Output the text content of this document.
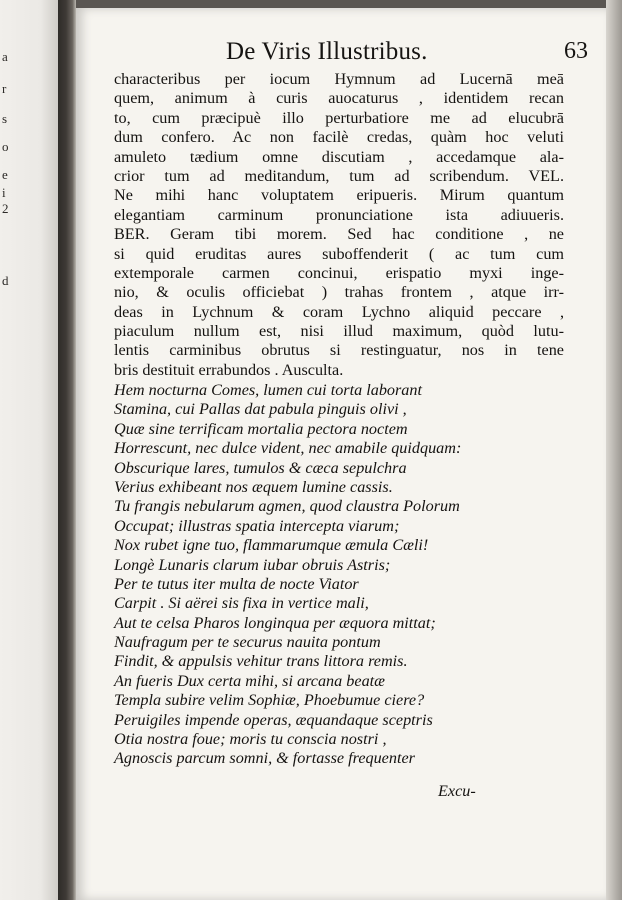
a
r
s
o
e
i
2
d
De Viris Illustribus.	63
characteribus per iocum Hymnum ad Lucernā meā
quem, animum à curis auocaturus , identidem recan
to, cum præcipuè illo perturbatiore me ad elucubrā
dum confero. Ac non facilè credas, quàm hoc veluti
amuleto tædium omne discutiam , accedamque ala-
crior tum ad meditandum, tum ad scribendum. VEL.
Ne mihi hanc voluptatem eripueris. Mirum quantum
elegantiam carminum pronunciatione ista adiuueris.
BER. Geram tibi morem. Sed hac conditione , ne
si quid eruditas aures suboffenderit ( ac tum cum
extemporale carmen concinui, erispatio myxi inge-
nio, & oculis officiebat ) trahas frontem , atque irr-
deas in Lychnum & coram Lychno aliquid peccare ,
piaculum nullum est, nisi illud maximum, quòd lutu-
lentis carminibus obrutus si restinguatur, nos in tene
bris destituit errabundos . Ausculta.
Hem nocturna Comes, lumen cui torta laborant
Stamina, cui Pallas dat pabula pinguis olivi ,
Quæ sine terrificam mortalia pectora noctem
Horrescunt, nec dulce vident, nec amabile quidquam:
Obscurique lares, tumulos & cæca sepulchra
Verius exhibeant nos æquem lumine cassis.
Tu frangis nebularum agmen, quod claustra Polorum
Occupat; illustras spatia intercepta viarum;
Nox rubet igne tuo, flammarumque æmula Cæli!
Longè Lunaris clarum iubar obruis Astris;
Per te tutus iter multa de nocte Viator
Carpit . Si aërei sis fixa in vertice mali,
Aut te celsa Pharos longinqua per æquora mittat;
Naufragum per te securus nauita pontum
Findit, & appulsis vehitur trans littora remis.
An fueris Dux certa mihi, si arcana beatæ
Templa subire velim Sophiæ, Phoebumue ciere?
Peruigiles impende operas, æquandaque sceptris
Otia nostra foue; moris tu conscia nostri ,
Agnoscis parcum somni, & fortasse frequenter
Excu-
